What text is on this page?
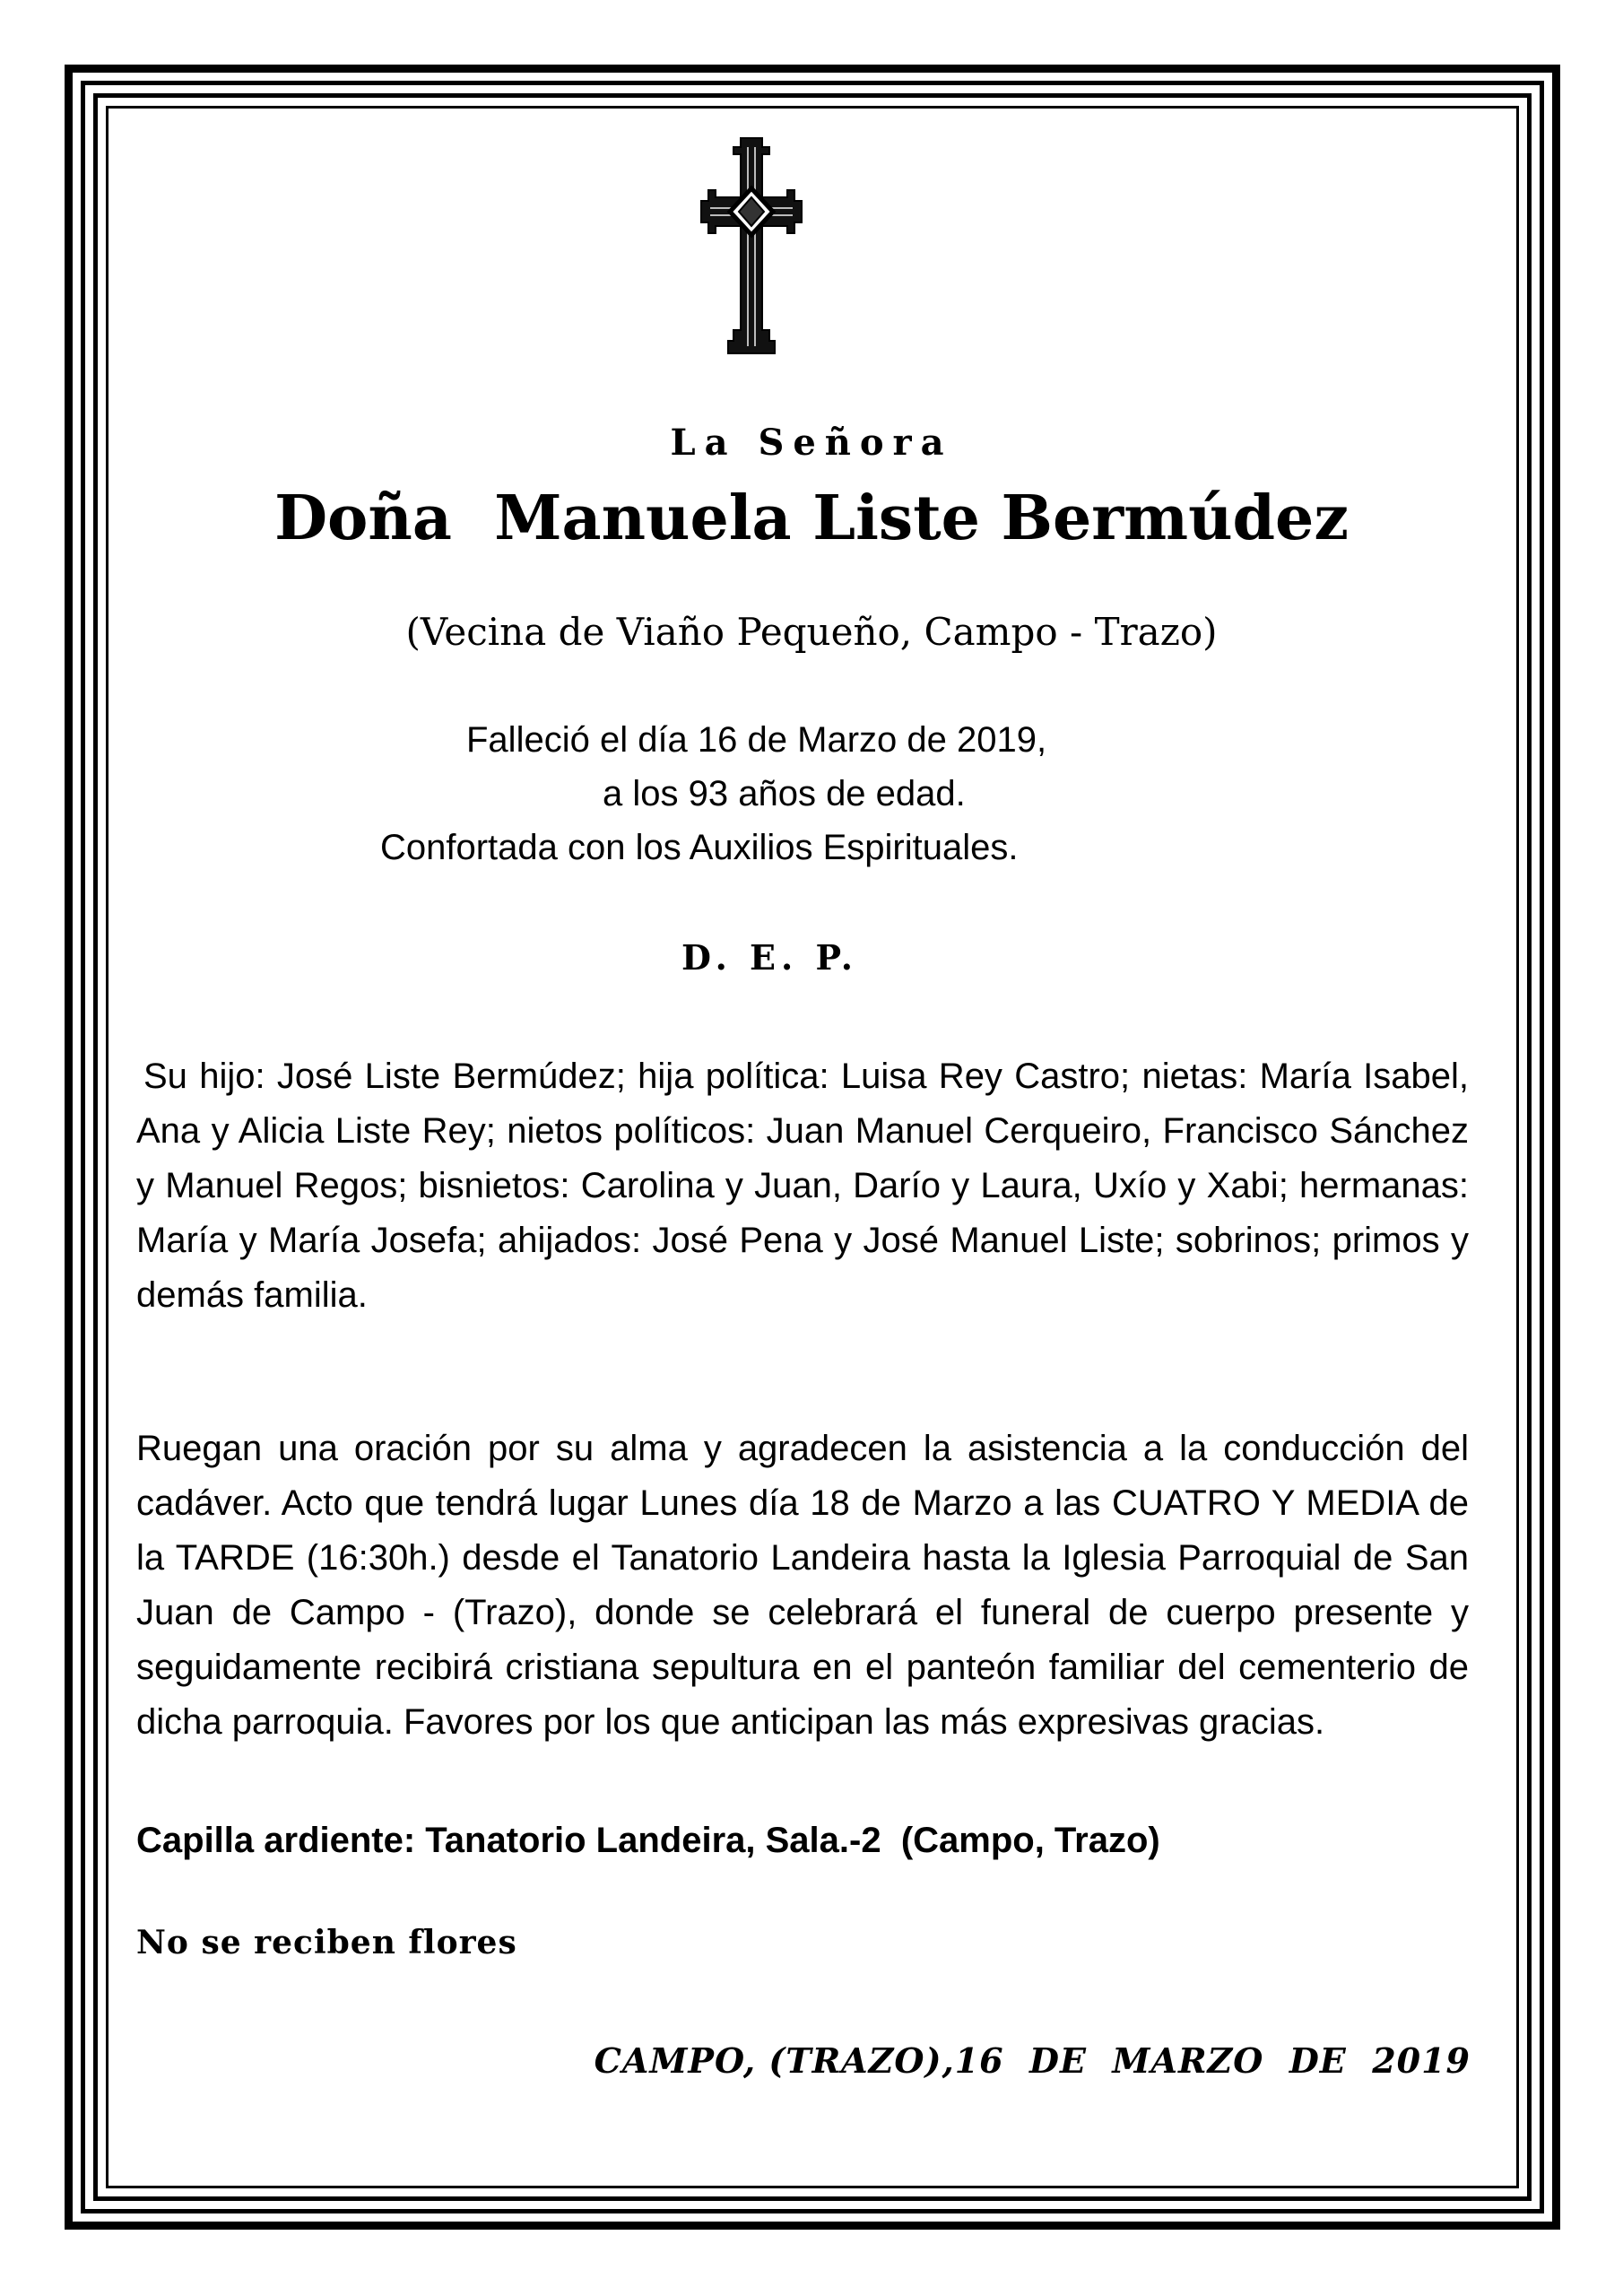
La Señora
Doña  Manuela Liste Bermúdez
(Vecina de Viaño Pequeño, Campo - Trazo)
Falleció el día 16 de Marzo de 2019,
a los 93 años de edad.
Confortada con los Auxilios Espirituales.
D. E. P.
Su hijo: José Liste Bermúdez; hija política: Luisa Rey Castro; nietas: María Isabel, Ana y Alicia Liste Rey; nietos políticos: Juan Manuel Cerqueiro, Francisco Sánchez y Manuel Regos; bisnietos: Carolina y Juan, Darío y Laura, Uxío y Xabi; hermanas: María y María Josefa; ahijados: José Pena y José Manuel Liste; sobrinos; primos y demás familia.
Ruegan una oración por su alma y agradecen la asistencia a la conducción del cadáver. Acto que tendrá lugar Lunes día 18 de Marzo a las CUATRO Y MEDIA de la TARDE (16:30h.) desde el Tanatorio Landeira hasta la Iglesia Parroquial de San Juan de Campo - (Trazo), donde se celebrará el funeral de cuerpo presente y seguidamente recibirá cristiana sepultura en el panteón familiar del cementerio de dicha parroquia. Favores por los que anticipan las más expresivas gracias.
Capilla ardiente: Tanatorio Landeira, Sala.-2  (Campo, Trazo)
No se reciben flores
CAMPO, (TRAZO),16  DE  MARZO  DE  2019
